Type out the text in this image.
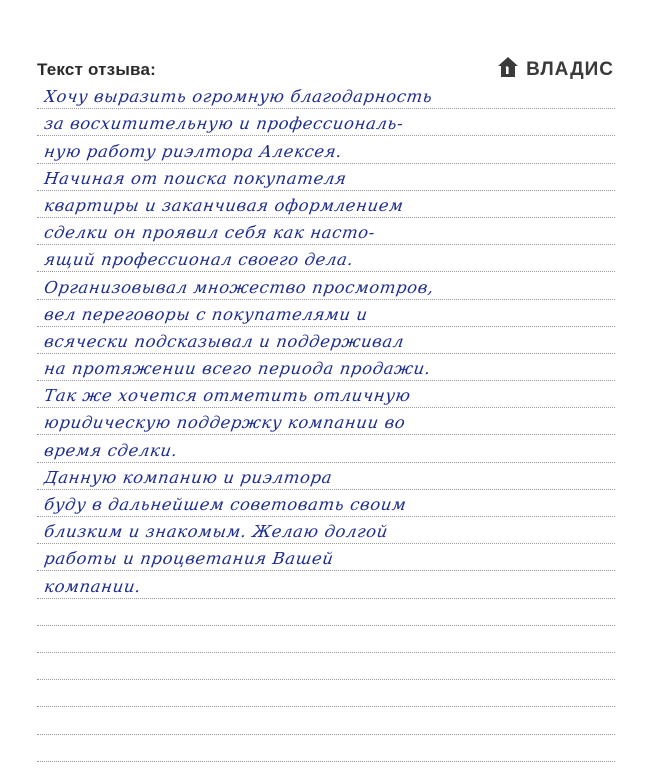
Текст отзыва:	ВЛАДИС
Хочу выразить огромную благодарность
за восхитительную и профессиональ-
ную работу риэлтора Алексея.
Начиная от поиска покупателя
квартиры и заканчивая оформлением
сделки он проявил себя как насто-
ящий профессионал своего дела.
Организовывал множество просмотров,
вел переговоры с покупателями и
всячески подсказывал и поддерживал
на протяжении всего периода продажи.
Так же хочется отметить отличную
юридическую поддержку компании во
время сделки.
Данную компанию и риэлтора
буду в дальнейшем советовать своим
близким и знакомым. Желаю долгой
работы и процветания Вашей
компании.
